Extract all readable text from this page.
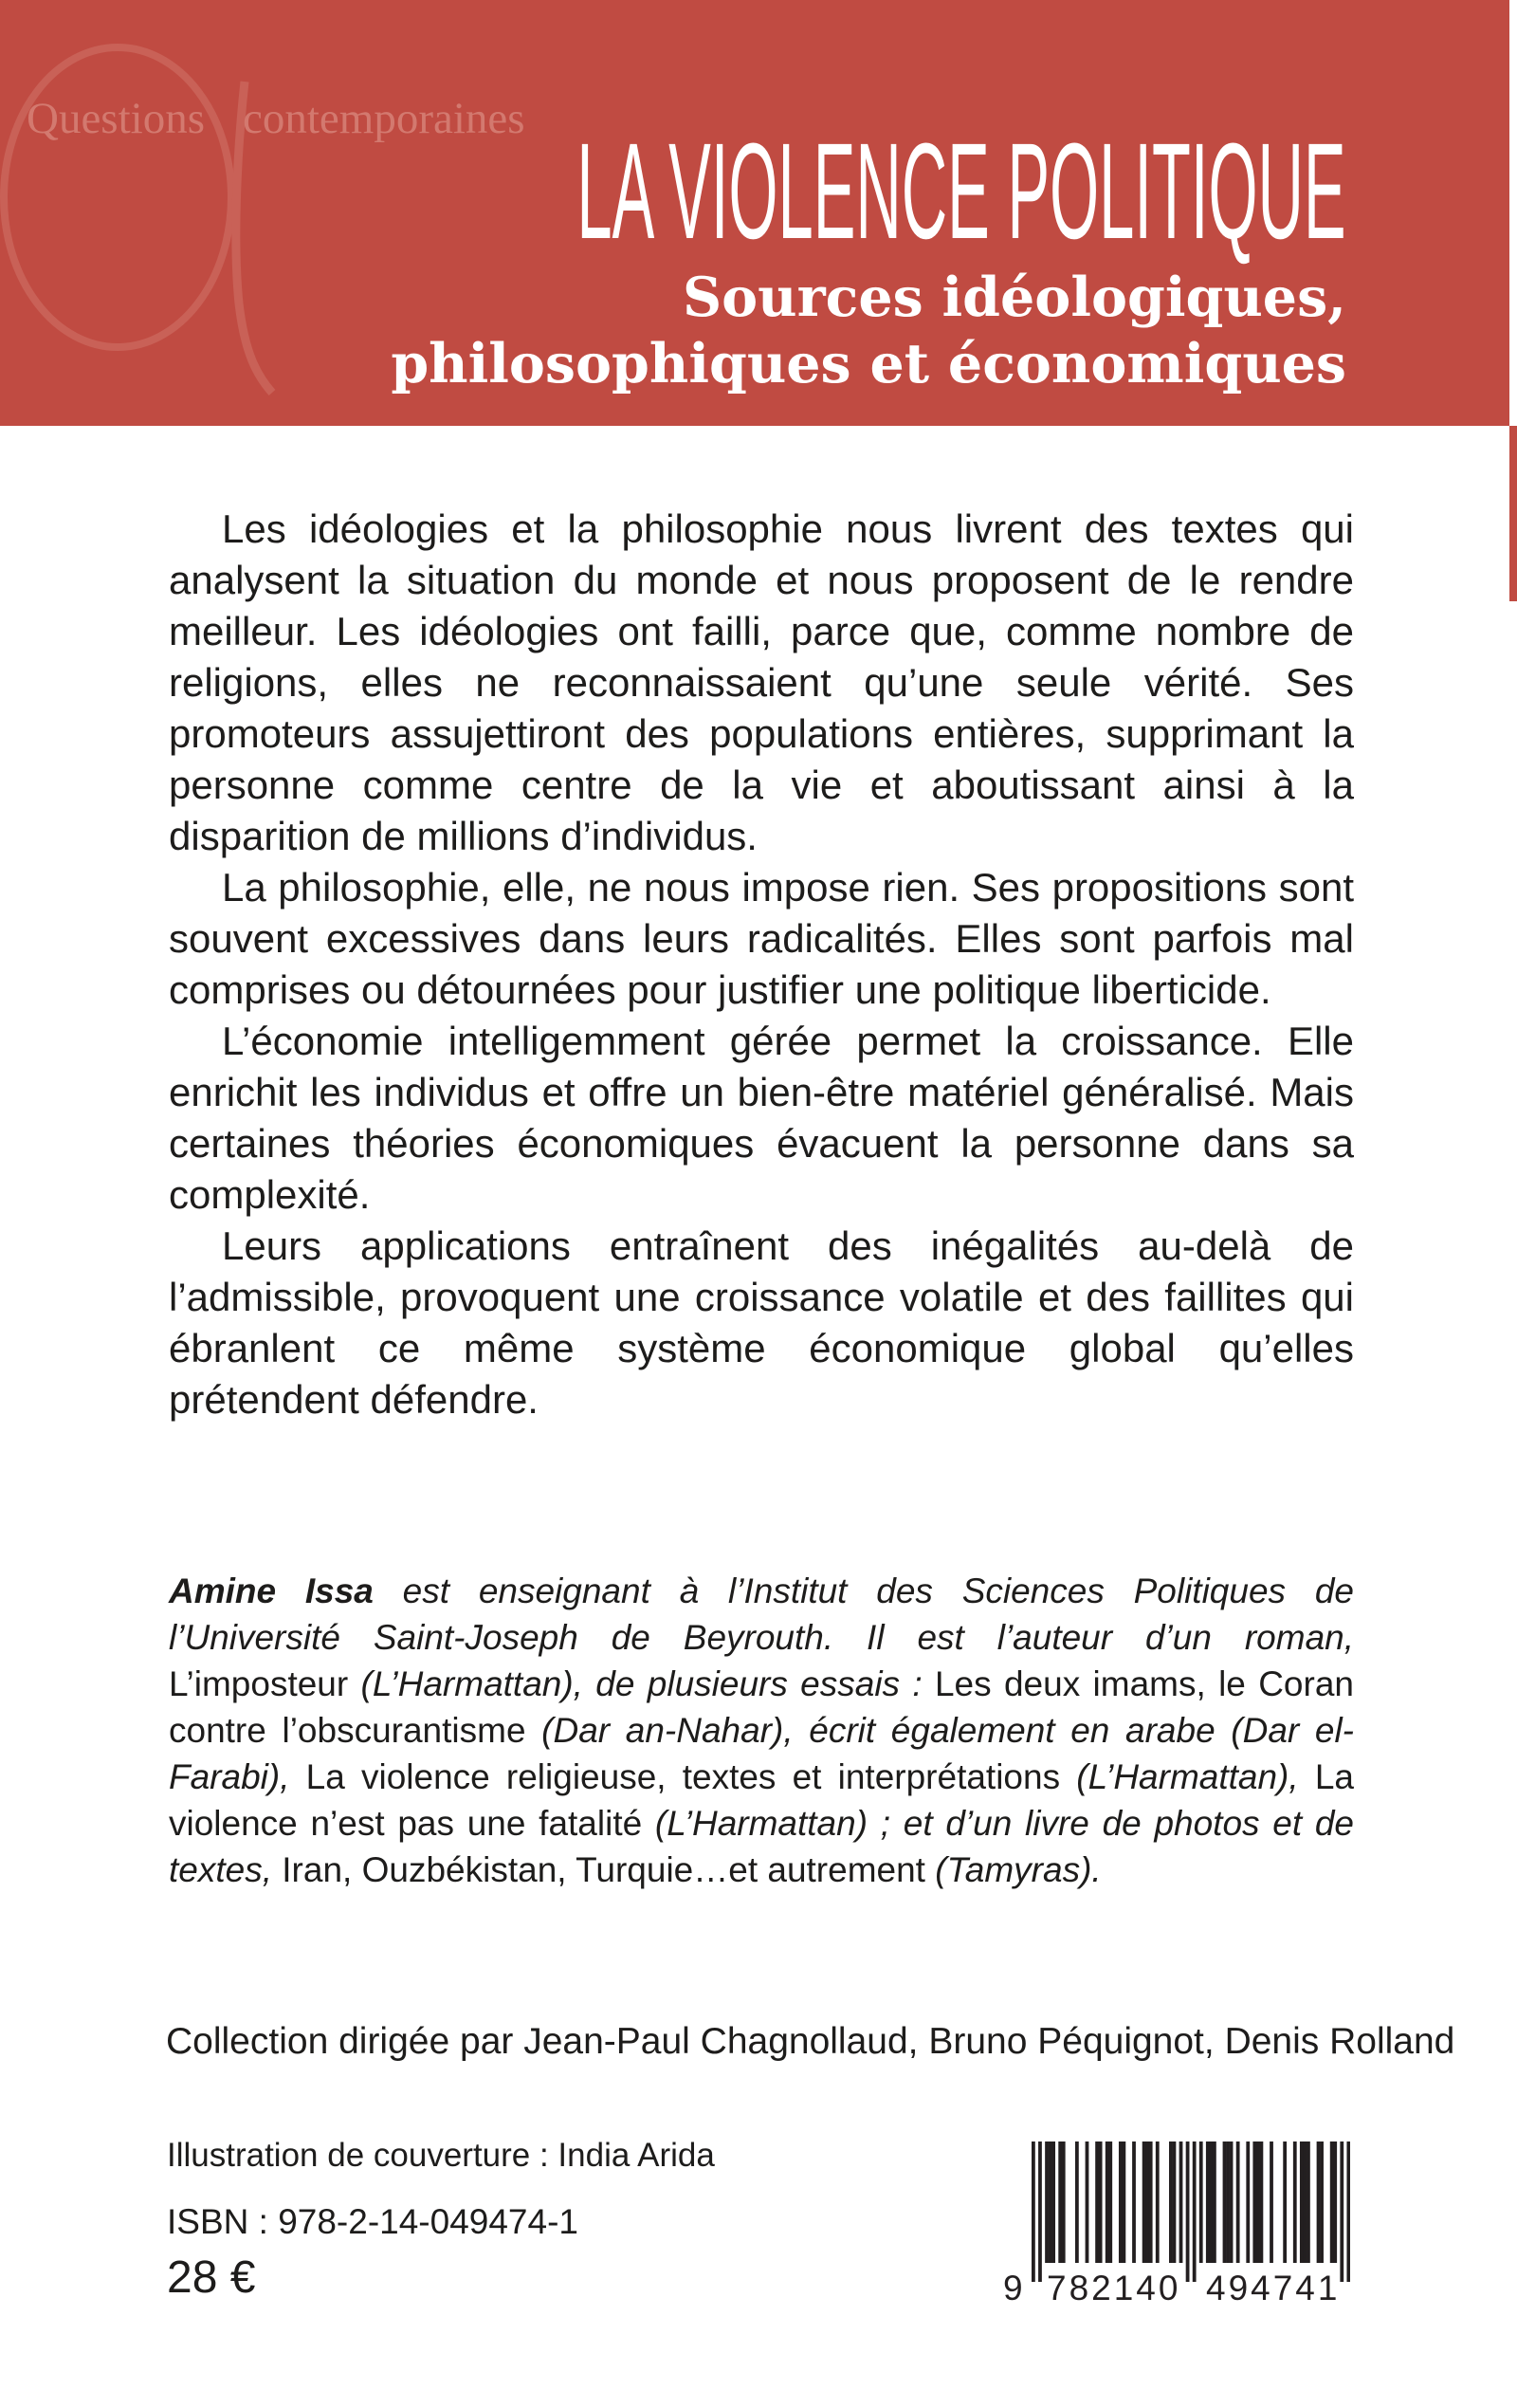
Questions contemporaines LA VIOLENCE POLITIQUE
Sources idéologiques,
philosophiques et économiques

Les idéologies et la philosophie nous livrent des textes qui analysent la situation du monde et nous proposent de le rendre meilleur. Les idéologies ont failli, parce que, comme nombre de religions, elles ne reconnaissaient qu’une seule vérité. Ses promoteurs assujettiront des populations entières, supprimant la personne comme centre de la vie et aboutissant ainsi à la disparition de millions d’individus.

La philosophie, elle, ne nous impose rien. Ses propositions sont souvent excessives dans leurs radicalités. Elles sont parfois mal comprises ou détournées pour justifier une politique liberticide.

L’économie intelligemment gérée permet la croissance. Elle enrichit les individus et offre un bien-être matériel généralisé. Mais certaines théories économiques évacuent la personne dans sa complexité.

Leurs applications entraînent des inégalités au-delà de l’admissible, provoquent une croissance volatile et des faillites qui ébranlent ce même système économique global qu’elles prétendent défendre.

Amine Issa est enseignant à l’Institut des Sciences Politiques de l’Université Saint-Joseph de Beyrouth. Il est l’auteur d’un roman, L’imposteur (L’Harmattan), de plusieurs essais : Les deux imams, le Coran contre l’obscurantisme (Dar an-Nahar), écrit également en arabe (Dar el-Farabi), La violence religieuse, textes et interprétations (L’Harmattan), La violence n’est pas une fatalité (L’Harmattan) ; et d’un livre de photos et de textes, Iran, Ouzbékistan, Turquie…et autrement (Tamyras).
Collection dirigée par Jean-Paul Chagnollaud, Bruno Péquignot, Denis Rolland
Illustration de couverture : India Arida
ISBN : 978-2-14-049474-1
28 €	9 782140 494741
